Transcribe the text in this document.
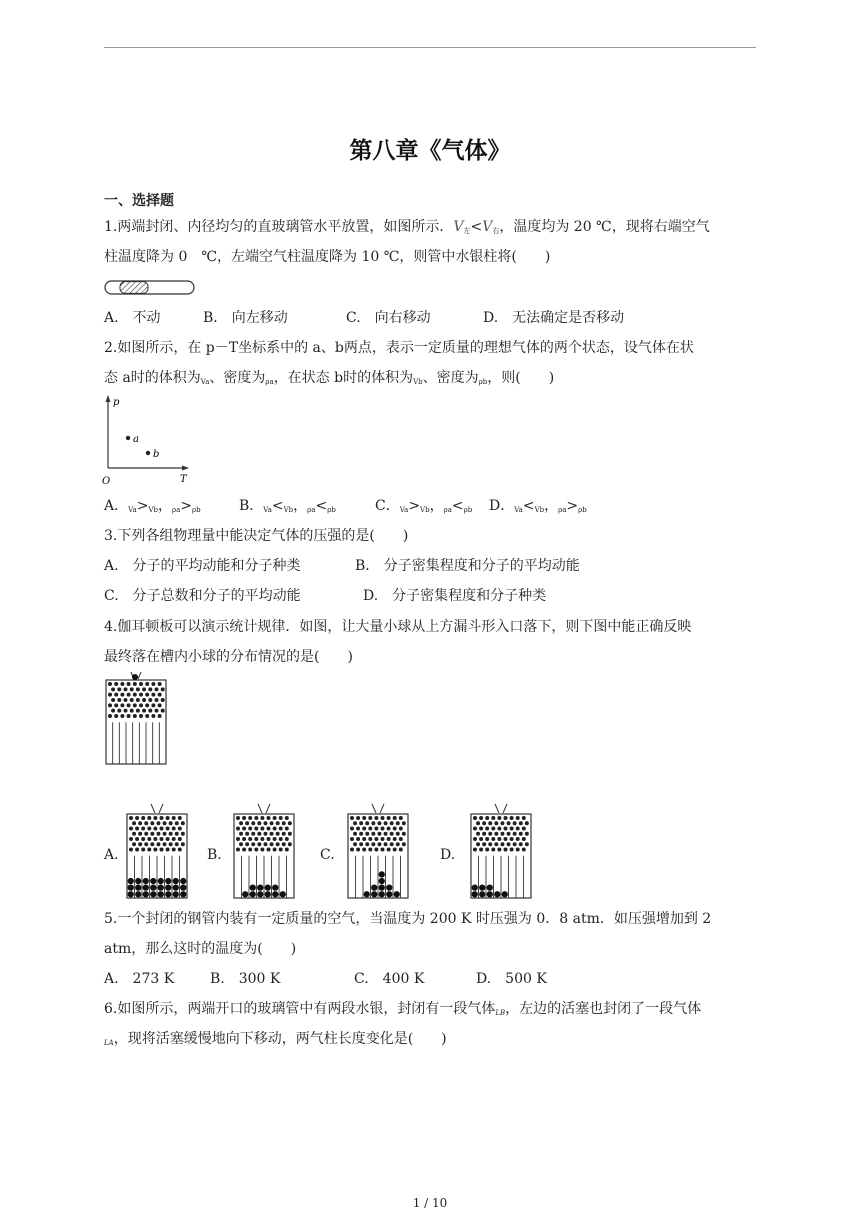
第八章《气体》
一、选择题
1.两端封闭、内径均匀的直玻璃管水平放置，如图所示．$V_左<V_右$，温度均为 20 ℃，现将右端空气
柱温度降为 0　℃，左端空气柱温度降为 10 ℃，则管中水银柱将(　　)
A.　不动	B.　向左移动	C.　向右移动	D.　无法确定是否移动
2.如图所示，在 p－T坐标系中的 a、b两点，表示一定质量的理想气体的两个状态，设气体在状
态 a时的体积为Va、密度为ρa，在状态 b时的体积为Vb、密度为ρb，则(　　)
p
T
O
a
b
A．Va>Vb，ρa>ρb	B．Va<Vb，ρa<ρb	C．Va>Vb，ρa<ρb D．Va<Vb，ρa>ρb
3.下列各组物理量中能决定气体的压强的是(　　)
A.　分子的平均动能和分子种类	B.　分子密集程度和分子的平均动能
C.　分子总数和分子的平均动能	D.　分子密集程度和分子种类
4.伽耳顿板可以演示统计规律．如图，让大量小球从上方漏斗形入口落下，则下图中能正确反映
最终落在槽内小球的分布情况的是(　　)
A.	B.	C.	D.
5.一个封闭的钢管内装有一定质量的空气，当温度为 200 K 时压强为 0．8 atm．如压强增加到 2
atm，那么这时的温度为(　　)
A.　273 K	B.　300 K	C.　400 K	D.　500 K
6.如图所示，两端开口的玻璃管中有两段水银，封闭有一段气体LB，左边的活塞也封闭了一段气体
LA，现将活塞缓慢地向下移动，两气柱长度变化是(　　)
1 / 10
